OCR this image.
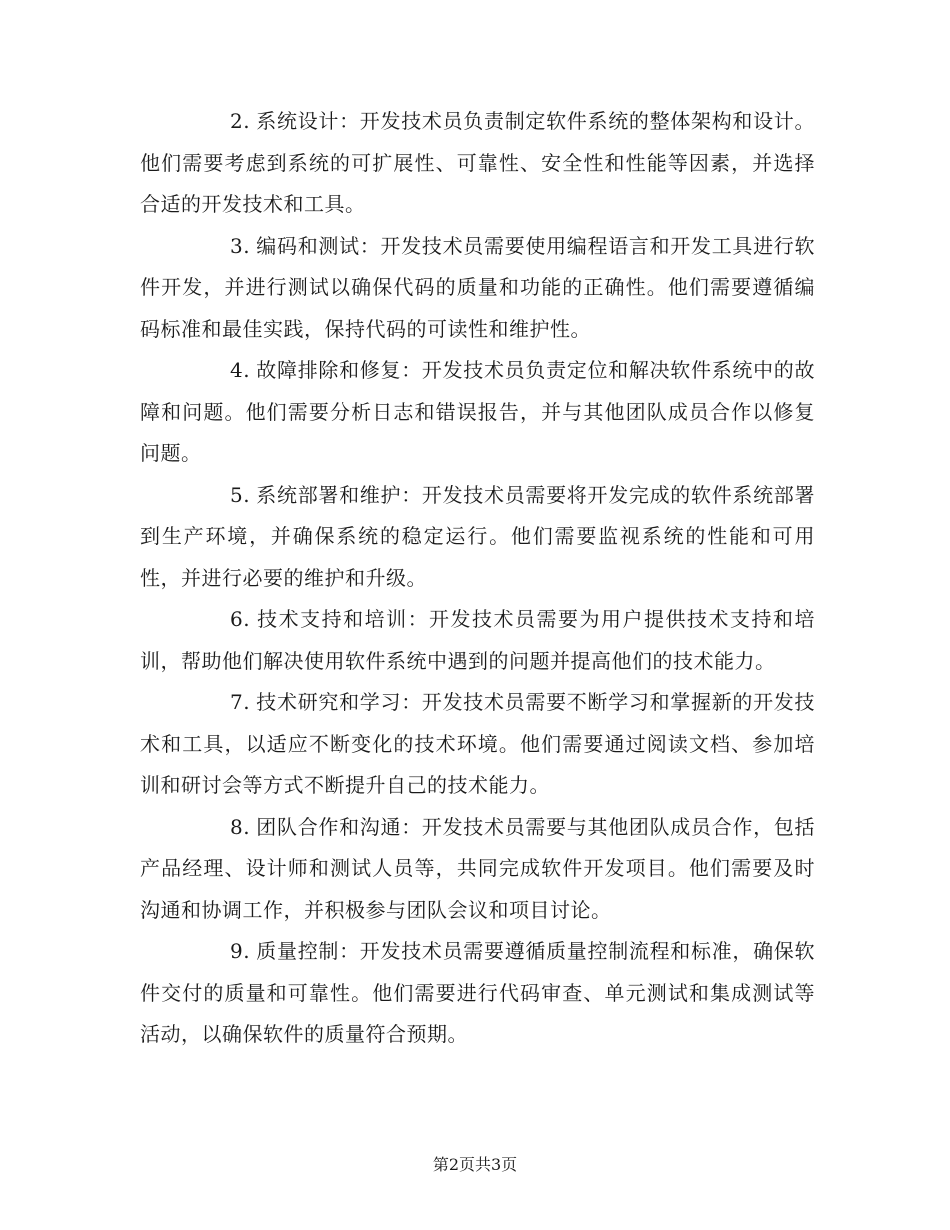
2. 系统设计：开发技术员负责制定软件系统的整体架构和设计。他们需要考虑到系统的可扩展性、可靠性、安全性和性能等因素，并选择合适的开发技术和工具。

3. 编码和测试：开发技术员需要使用编程语言和开发工具进行软件开发，并进行测试以确保代码的质量和功能的正确性。他们需要遵循编码标准和最佳实践，保持代码的可读性和维护性。

4. 故障排除和修复：开发技术员负责定位和解决软件系统中的故障和问题。他们需要分析日志和错误报告，并与其他团队成员合作以修复问题。

5. 系统部署和维护：开发技术员需要将开发完成的软件系统部署到生产环境，并确保系统的稳定运行。他们需要监视系统的性能和可用性，并进行必要的维护和升级。

6. 技术支持和培训：开发技术员需要为用户提供技术支持和培训，帮助他们解决使用软件系统中遇到的问题并提高他们的技术能力。

7. 技术研究和学习：开发技术员需要不断学习和掌握新的开发技术和工具，以适应不断变化的技术环境。他们需要通过阅读文档、参加培训和研讨会等方式不断提升自己的技术能力。

8. 团队合作和沟通：开发技术员需要与其他团队成员合作，包括产品经理、设计师和测试人员等，共同完成软件开发项目。他们需要及时沟通和协调工作，并积极参与团队会议和项目讨论。

9. 质量控制：开发技术员需要遵循质量控制流程和标准，确保软件交付的质量和可靠性。他们需要进行代码审查、单元测试和集成测试等活动，以确保软件的质量符合预期。

第2页共3页
